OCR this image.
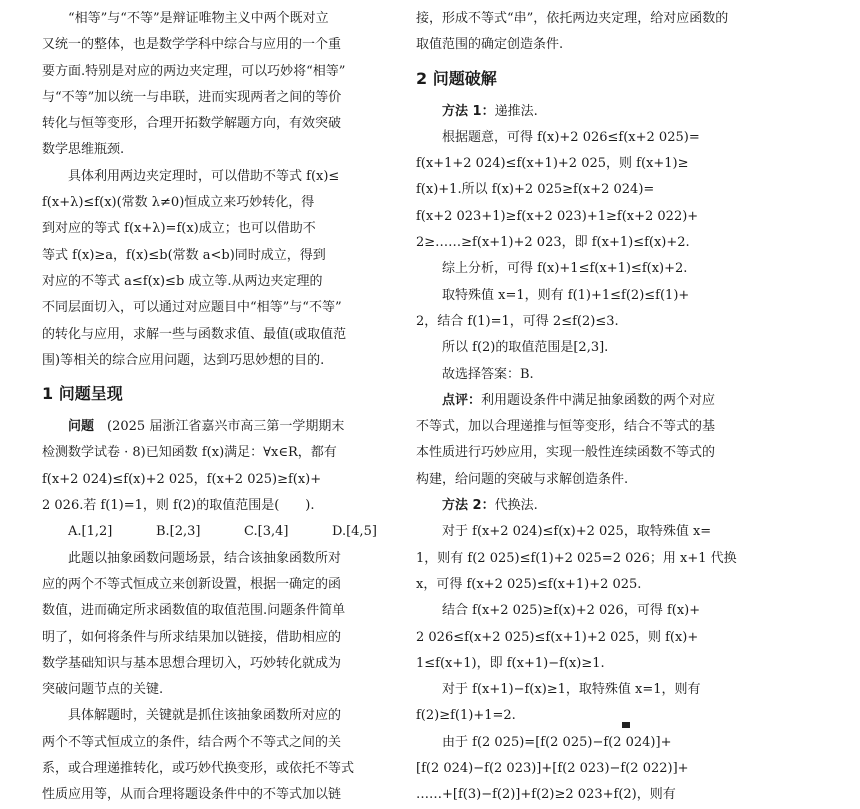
“相等”与“不等”是辩证唯物主义中两个既对立

又统一的整体，也是数学学科中综合与应用的一个重

要方面.特别是对应的两边夹定理，可以巧妙将“相等”

与“不等”加以统一与串联，进而实现两者之间的等价

转化与恒等变形，合理开拓数学解题方向，有效突破

数学思维瓶颈.

具体利用两边夹定理时，可以借助不等式 f(x)≤

f(x+λ)≤f(x)(常数 λ≠0)恒成立来巧妙转化，得

到对应的等式 f(x+λ)=f(x)成立；也可以借助不

等式 f(x)≥a，f(x)≤b(常数 a<b)同时成立，得到

对应的不等式 a≤f(x)≤b 成立等.从两边夹定理的

不同层面切入，可以通过对应题目中“相等”与“不等”

的转化与应用，求解一些与函数求值、最值(或取值范

围)等相关的综合应用问题，达到巧思妙想的目的.

1 问题呈现

问题　 (2025 届浙江省嘉兴市高三第一学期期末

检测数学试卷 · 8)已知函数 f(x)满足：∀x∈R，都有

f(x+2 024)≤f(x)+2 025，f(x+2 025)≥f(x)+

2 026.若 f(1)=1，则 f(2)的取值范围是(　　).

A.[1,2]	B.[2,3]	C.[3,4]	D.[4,5]

此题以抽象函数问题场景，结合该抽象函数所对

应的两个不等式恒成立来创新设置，根据一确定的函

数值，进而确定所求函数值的取值范围.问题条件简单

明了，如何将条件与所求结果加以链接，借助相应的

数学基础知识与基本思想合理切入，巧妙转化就成为

突破问题节点的关键.

具体解题时，关键就是抓住该抽象函数所对应的

两个不等式恒成立的条件，结合两个不等式之间的关

系，或合理递推转化，或巧妙代换变形，或依托不等式

性质应用等，从而合理将题设条件中的不等式加以链

接，形成不等式“串”，依托两边夹定理，给对应函数的

取值范围的确定创造条件.

2 问题破解

方法 1：递推法.

根据题意，可得 f(x)+2 026≤f(x+2 025)=

f(x+1+2 024)≤f(x+1)+2 025，则 f(x+1)≥

f(x)+1.所以 f(x)+2 025≥f(x+2 024)=

f(x+2 023+1)≥f(x+2 023)+1≥f(x+2 022)+

2≥……≥f(x+1)+2 023，即 f(x+1)≤f(x)+2.

综上分析，可得 f(x)+1≤f(x+1)≤f(x)+2.

取特殊值 x=1，则有 f(1)+1≤f(2)≤f(1)+

2，结合 f(1)=1，可得 2≤f(2)≤3.

所以 f(2)的取值范围是[2,3].

故选择答案：B.

点评：利用题设条件中满足抽象函数的两个对应

不等式，加以合理递推与恒等变形，结合不等式的基

本性质进行巧妙应用，实现一般性连续函数不等式的

构建，给问题的突破与求解创造条件.

方法 2：代换法.

对于 f(x+2 024)≤f(x)+2 025，取特殊值 x=

1，则有 f(2 025)≤f(1)+2 025=2 026；用 x+1 代换

x，可得 f(x+2 025)≤f(x+1)+2 025.

结合 f(x+2 025)≥f(x)+2 026，可得 f(x)+

2 026≤f(x+2 025)≤f(x+1)+2 025，则 f(x)+

1≤f(x+1)，即 f(x+1)−f(x)≥1.

对于 f(x+1)−f(x)≥1，取特殊值 x=1，则有

f(2)≥f(1)+1=2.

由于 f(2 025)=[f(2 025)−f(2 024)]+

[f(2 024)−f(2 023)]+[f(2 023)−f(2 022)]+

……+[f(3)−f(2)]+f(2)≥2 023+f(2)，则有
